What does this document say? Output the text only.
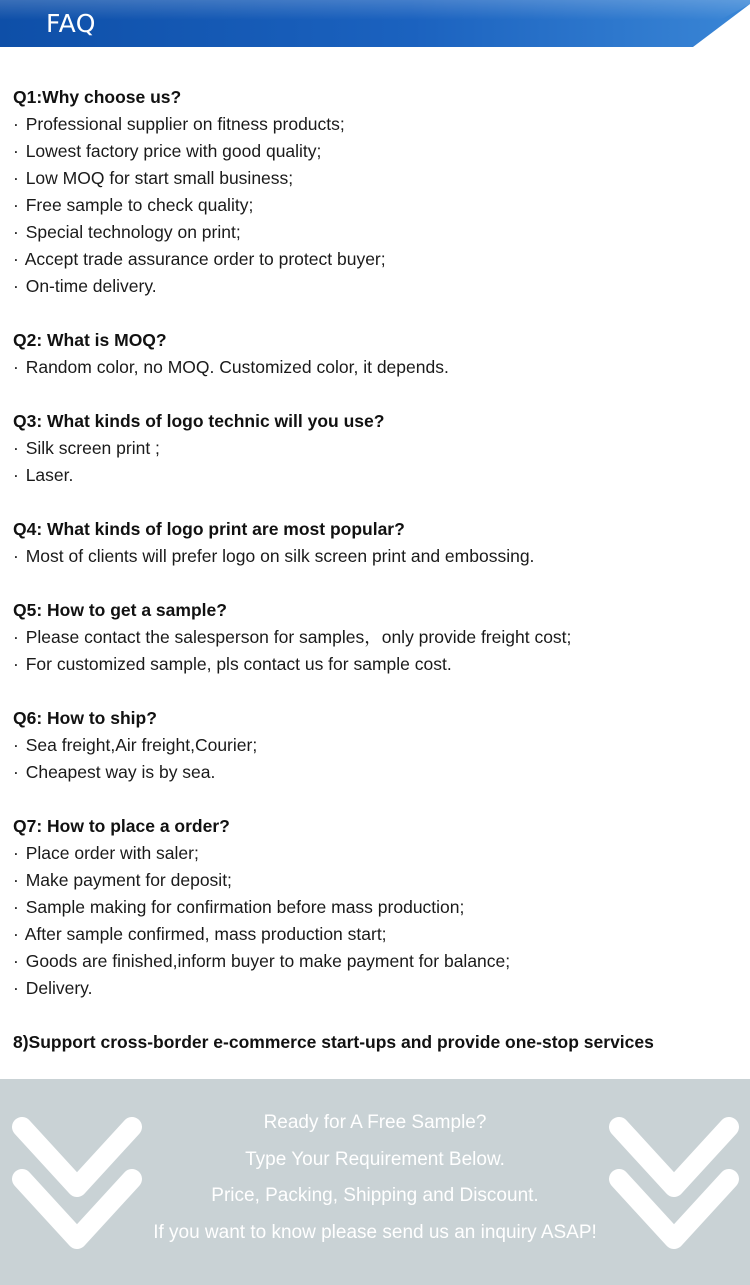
FAQ
Q1:Why choose us?
· Professional supplier on fitness products;
· Lowest factory price with good quality;
· Low MOQ for start small business;
· Free sample to check quality;
· Special technology on print;
· Accept trade assurance order to protect buyer;
· On-time delivery.
Q2: What is MOQ?
· Random color, no MOQ. Customized color, it depends.
Q3: What kinds of logo technic will you use?
· Silk screen print ;
· Laser.
Q4: What kinds of logo print are most popular?
· Most of clients will prefer logo on silk screen print and embossing.
Q5: How to get a sample?
· Please contact the salesperson for samples，only provide freight cost;
· For customized sample, pls contact us for sample cost.
Q6: How to ship?
· Sea freight,Air freight,Courier;
· Cheapest way is by sea.
Q7: How to place a order?
· Place order with saler;
· Make payment for deposit;
· Sample making for confirmation before mass production;
· After sample confirmed, mass production start;
· Goods are finished,inform buyer to make payment for balance;
· Delivery.
8)Support cross-border e-commerce start-ups and provide one-stop services
Ready for A Free Sample?
Type Your Requirement Below.
Price, Packing, Shipping and Discount.
If you want to know please send us an inquiry ASAP!
